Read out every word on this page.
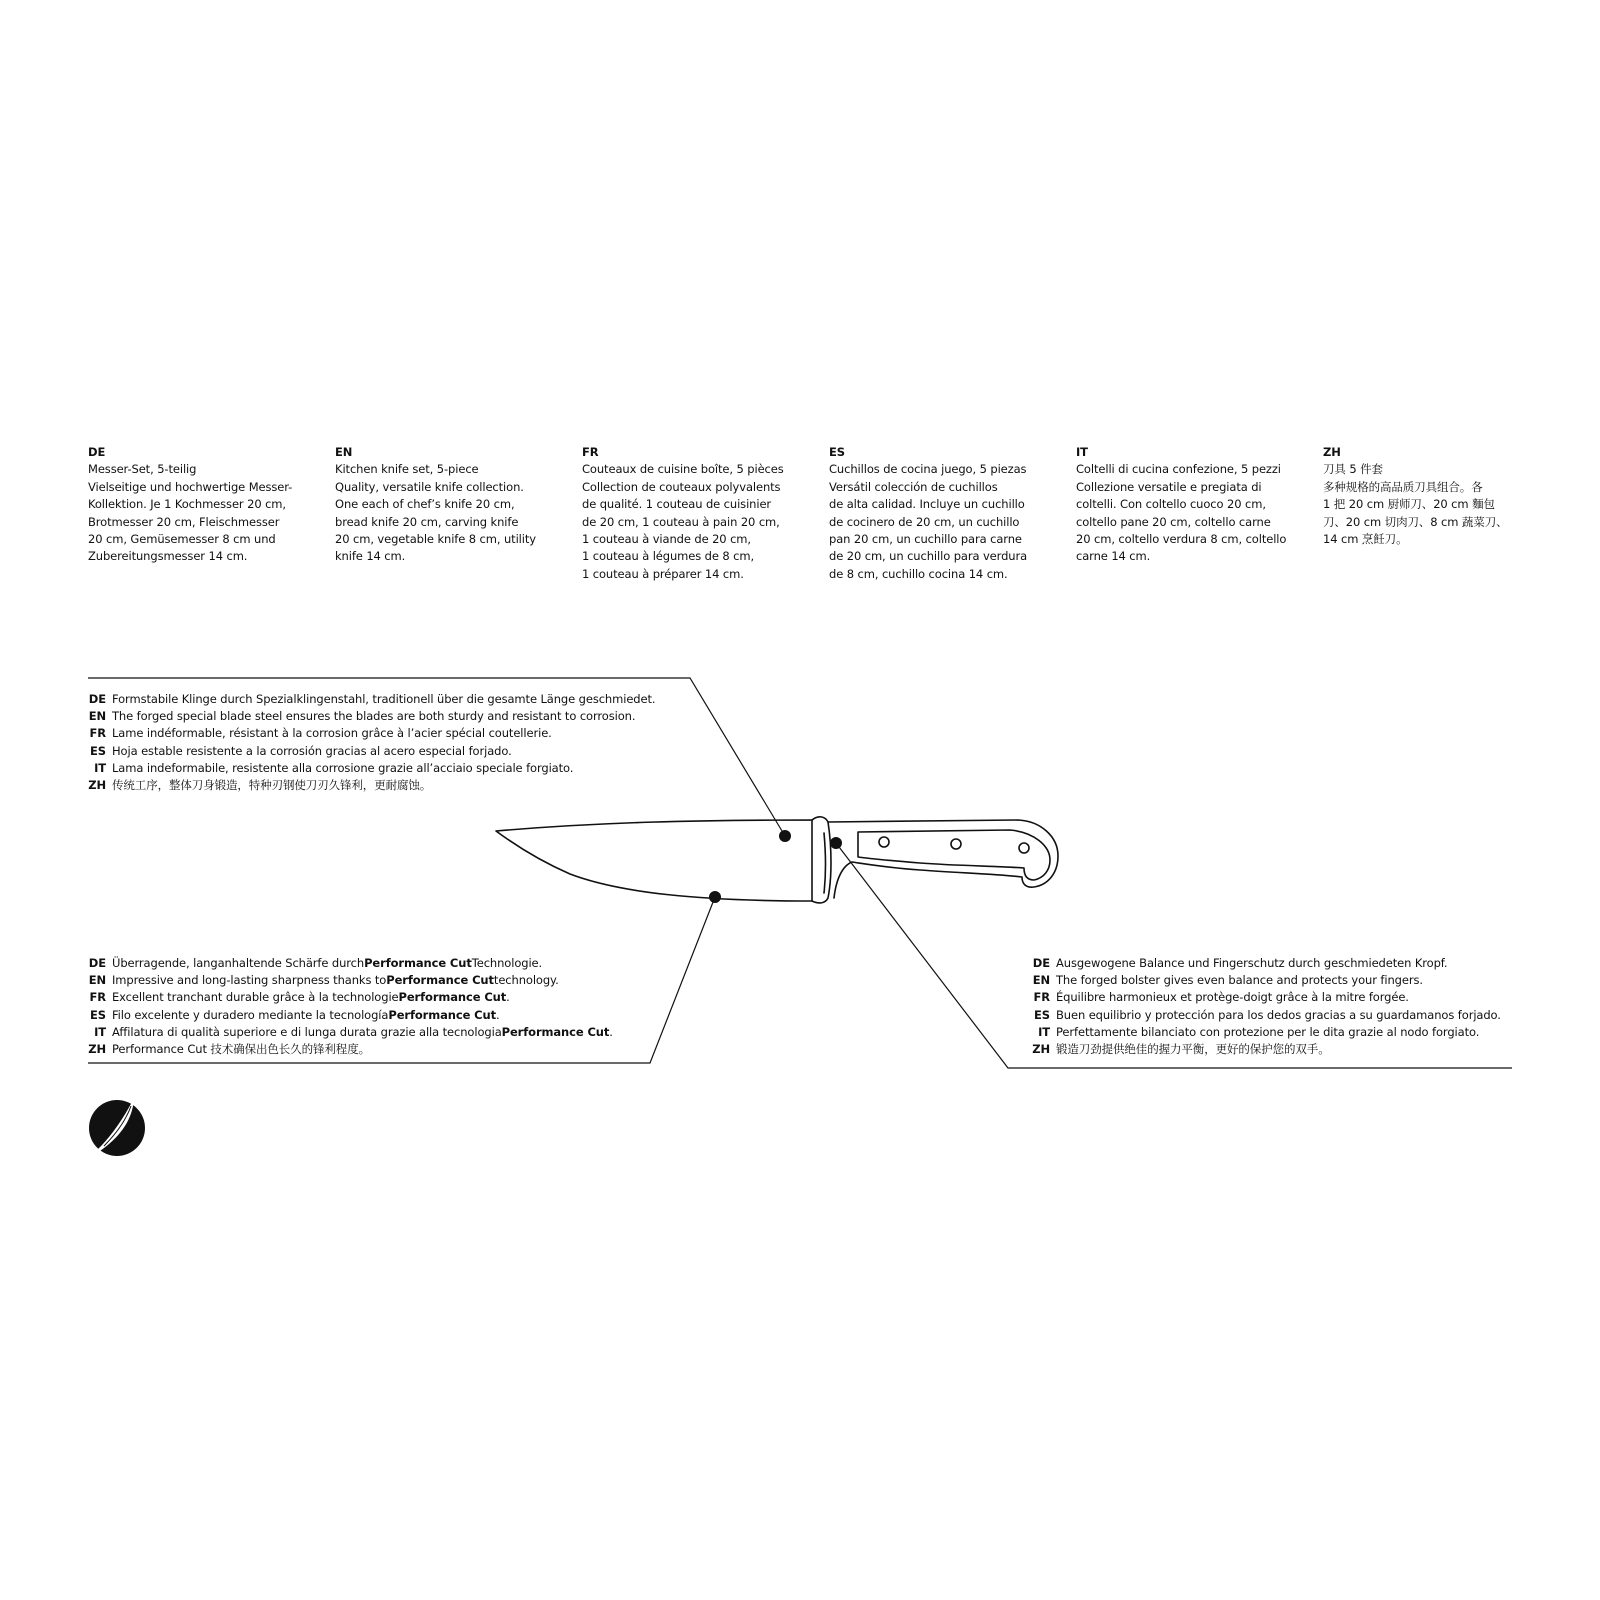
DE
Messer-Set, 5-teilig
Vielseitige und hochwertige Messer-
Kollektion. Je 1 Kochmesser 20 cm,
Brotmesser 20 cm, Fleischmesser
20 cm, Gemüsemesser 8 cm und
Zubereitungsmesser 14 cm.
EN
Kitchen knife set, 5-piece
Quality, versatile knife collection.
One each of chef’s knife 20 cm,
bread knife 20 cm, carving knife
20 cm, vegetable knife 8 cm, utility
knife 14 cm.
FR
Couteaux de cuisine boîte, 5 pièces
Collection de couteaux polyvalents
de qualité. 1 couteau de cuisinier
de 20 cm, 1 couteau à pain 20 cm,
1 couteau à viande de 20 cm,
1 couteau à légumes de 8 cm,
1 couteau à préparer 14 cm.
ES
Cuchillos de cocina juego, 5 piezas
Versátil colección de cuchillos
de alta calidad. Incluye un cuchillo
de cocinero de 20 cm, un cuchillo
pan 20 cm, un cuchillo para carne
de 20 cm, un cuchillo para verdura
de 8 cm, cuchillo cocina 14 cm.
IT
Coltelli di cucina confezione, 5 pezzi
Collezione versatile e pregiata di
coltelli. Con coltello cuoco 20 cm,
coltello pane 20 cm, coltello carne
20 cm, coltello verdura 8 cm, coltello
carne 14 cm.
ZH
刀具 5 件套
多种规格的高品质刀具组合。各
1 把 20 cm 厨师刀、20 cm 麵包
刀、20 cm 切肉刀、8 cm 蔬菜刀、
14 cm 烹飪刀。
DE Formstabile Klinge durch Spezialklingenstahl, traditionell über die gesamte Länge geschmiedet.
EN The forged special blade steel ensures the blades are both sturdy and resistant to corrosion.
FR Lame indéformable, résistant à la corrosion grâce à l’acier spécial coutellerie.
ES Hoja estable resistente a la corrosión gracias al acero especial forjado.
IT Lama indeformabile, resistente alla corrosione grazie all’acciaio speciale forgiato.
ZH 传统工序，整体刀身锻造，特种刃钢使刀刃久锋利，更耐腐蚀。
DE Überragende, langanhaltende Schärfe durch Performance Cut Technologie.
EN Impressive and long-lasting sharpness thanks to Performance Cut technology.
FR Excellent tranchant durable grâce à la technologie Performance Cut .
ES Filo excelente y duradero mediante la tecnología Performance Cut .
IT Affilatura di qualità superiore e di lunga durata grazie alla tecnologia Performance Cut .
ZH Performance Cut 技术确保出色长久的锋利程度。
DE Ausgewogene Balance und Fingerschutz durch geschmiedeten Kropf.
EN The forged bolster gives even balance and protects your fingers.
FR Équilibre harmonieux et protège-doigt grâce à la mitre forgée.
ES Buen equilibrio y protección para los dedos gracias a su guardamanos forjado.
IT Perfettamente bilanciato con protezione per le dita grazie al nodo forgiato.
ZH 锻造刀劲提供绝佳的握力平衡，更好的保护您的双手。
